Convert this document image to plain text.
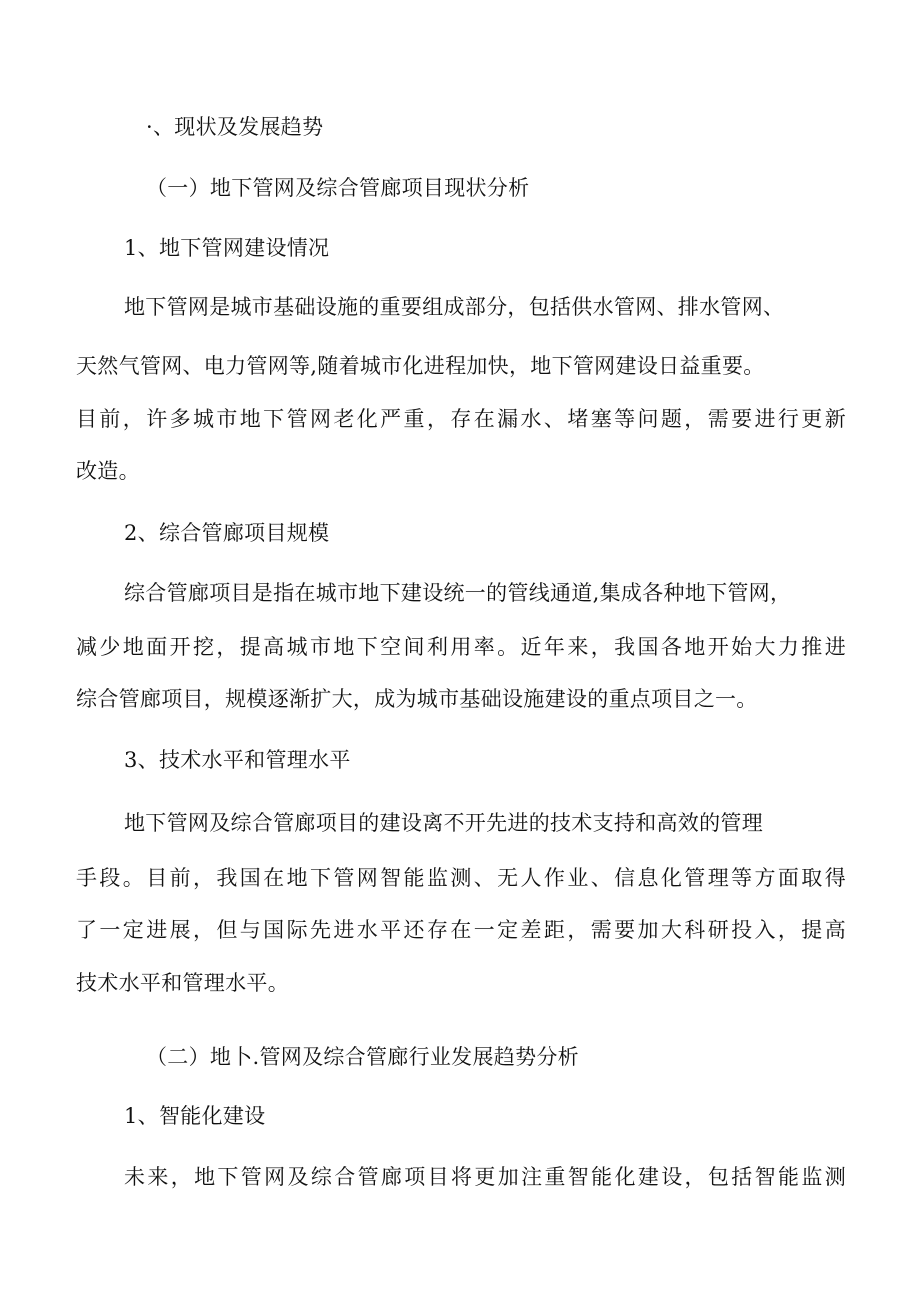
·、现状及发展趋势

（一）地下管网及综合管廊项目现状分析

1、地下管网建设情况

地下管网是城市基础设施的重要组成部分，包括供水管网、排水管网、

天然气管网、电力管网等,随着城市化进程加快，地下管网建设日益重要。

目前，许多城市地下管网老化严重，存在漏水、堵塞等问题，需要进行更新

改造。

2、综合管廊项目规模

综合管廊项目是指在城市地下建设统一的管线通道,集成各种地下管网，

减少地面开挖，提高城市地下空间利用率。近年来，我国各地开始大力推进

综合管廊项目，规模逐渐扩大，成为城市基础设施建设的重点项目之一。

3、技术水平和管理水平

地下管网及综合管廊项目的建设离不开先进的技术支持和高效的管理

手段。目前，我国在地下管网智能监测、无人作业、信息化管理等方面取得

了一定进展，但与国际先进水平还存在一定差距，需要加大科研投入，提高

技术水平和管理水平。

（二）地卜.管网及综合管廊行业发展趋势分析

1、智能化建设

未来，地下管网及综合管廊项目将更加注重智能化建设，包括智能监测
